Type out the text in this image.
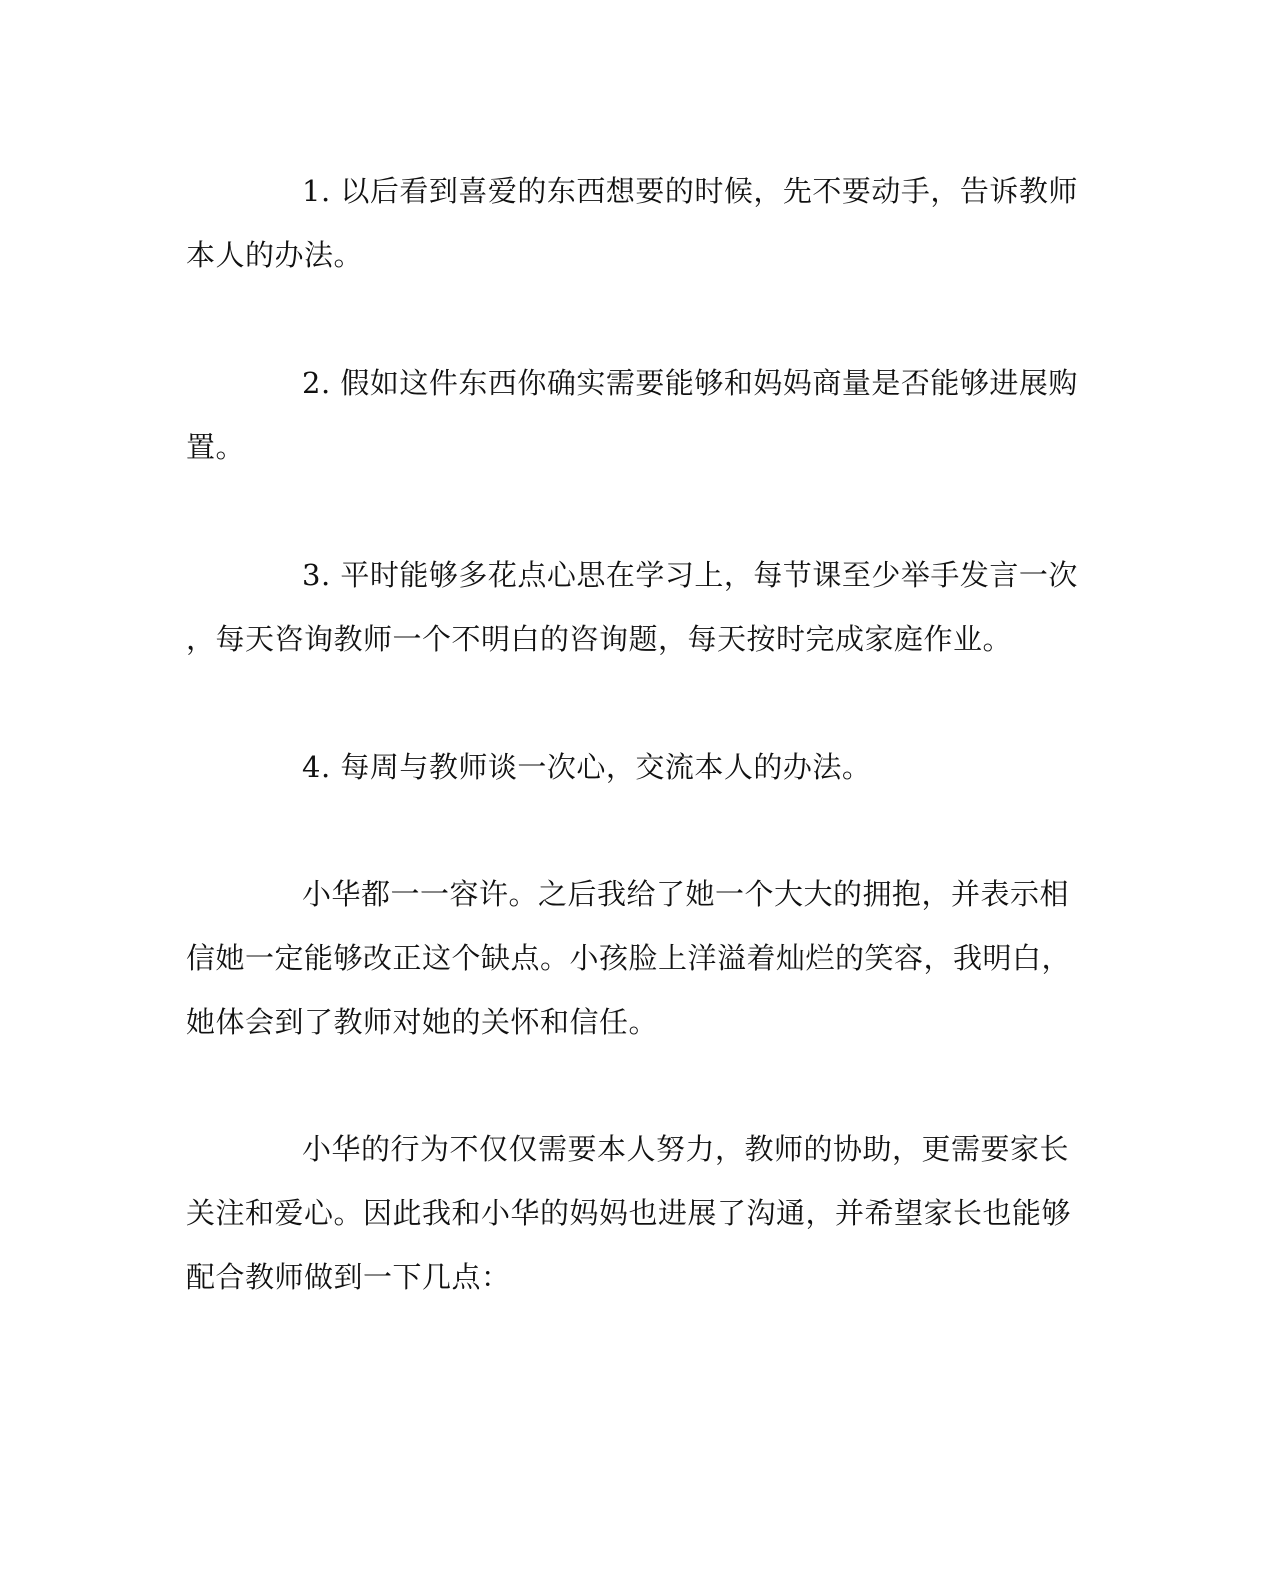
1. 以后看到喜爱的东西想要的时候，先不要动手，告诉教师
本人的办法。

2. 假如这件东西你确实需要能够和妈妈商量是否能够进展购
置。

3. 平时能够多花点心思在学习上，每节课至少举手发言一次
，每天咨询教师一个不明白的咨询题，每天按时完成家庭作业。

4. 每周与教师谈一次心，交流本人的办法。

小华都一一容许。之后我给了她一个大大的拥抱，并表示相
信她一定能够改正这个缺点。小孩脸上洋溢着灿烂的笑容，我明白，
她体会到了教师对她的关怀和信任。

小华的行为不仅仅需要本人努力，教师的协助，更需要家长
关注和爱心。因此我和小华的妈妈也进展了沟通，并希望家长也能够
配合教师做到一下几点：
